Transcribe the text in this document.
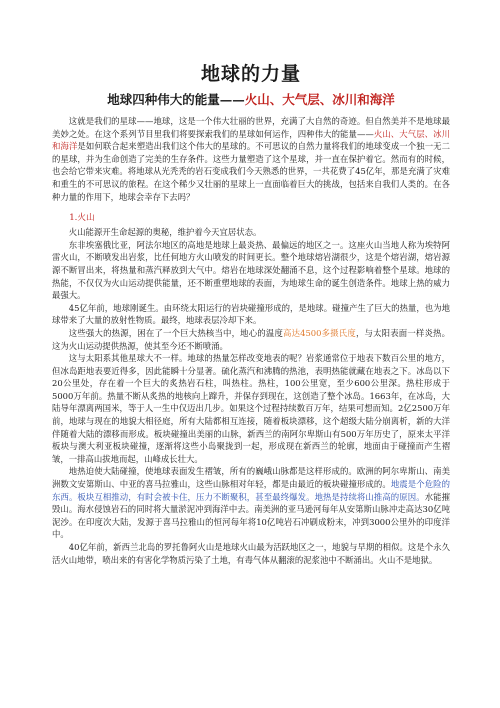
地球的力量
地球四种伟大的能量——火山、大气层、冰川和海洋

这就是我们的星球——地球，这是一个伟大壮丽的世界，充满了大自然的奇迹。但自然美并不是地球最美妙之处。在这个系列节目里我们将要探索我们的星球如何运作，四种伟大的能量——火山、大气层、冰川和海洋是如何联合起来塑造出我们这个伟大的星球的。不可思议的自然力量将我们的地球变成一个独一无二的星球，并为生命创造了完美的生存条件。这些力量塑造了这个星球，并一直在保护着它。然而有的时候，也会给它带来灾难。将地球从光秃秃的岩石变成我们今天熟悉的世界，一共花费了45亿年，那是充满了灾难和重生的不可思议的旅程。在这个稀少又壮丽的星球上一直面临着巨大的挑战，包括来自我们人类的。在各种力量的作用下，地球会幸存下去吗？

1.火山

火山能源开生命起源的奥秘，维护着今天宜居状态。

东非埃塞俄比亚，阿法尔地区的高地是地球上最炎热、最偏远的地区之一。这座火山当地人称为埃特阿雷火山，不断喷发出岩浆，比任何地方火山喷发的时间更长。整个地球熔岩湖很少，这是个熔岩湖，熔岩源源不断冒出来，将热量和蒸汽释放到大气中。熔岩在地球深处翻涌不息，这个过程影响着整个星球。地球的热能，不仅仅为火山运动提供能量，还不断重塑地球的表面，为地球生命的诞生创造条件。地球上热的威力最强大。

45亿年前，地球刚诞生。由环绕太阳运行的岩块碰撞形成的，是地球。碰撞产生了巨大的热量，也为地球带来了大量的放射性物质。最终，地球表层冷却下来。

这些强大的热源，困在了一个巨大热核当中，地心的温度高达4500多摄氏度，与太阳表面一样炎热。这为火山运动提供热源，使其至今还不断喷涌。

这与太阳系其他星球大不一样。地球的热量怎样改变地表的呢？岩浆通常位于地表下数百公里的地方，但冰岛距地表要近得多，因此能瞬十分显著。硫化蒸汽和沸腾的热池，表明热能就藏在地表之下。冰岛以下20公里处，存在着一个巨大的炙热岩石柱，叫热柱。热柱，100公里宽，至少600公里深。热柱形成于5000万年前。热量不断从炙热的地核向上蹿升，并保存到现在，这创造了整个冰岛。1663年，在冰岛，大陆导年漂离两国米，等于人一生中仅迈出几步。如果这个过程持续数百万年，结果可想而知。2亿2500万年前，地球与现在的地貌大相径庭，所有大陆都相互连接，随着板块漂移，这个超级大陆分崩离析，新的大洋伴随着大陆的漂移而形成。板块碰撞出美丽的山脉，新西兰的南阿尔卑斯山有500万年历史了，原来太平洋板块与澳大利亚板块碰撞，逐渐将这些小岛聚拢到一起，形成现在新西兰的轮廓，地面由于碰撞而产生褶皱，一排高山拔地而起，山峰成长壮大。

地热迫使大陆碰撞，使地球表面发生褶皱，所有的巍峨山脉都是这样形成的。欧洲的阿尔卑斯山、南美洲数文安第斯山、中亚的喜马拉雅山，这些山脉相对年轻，都是由最近的板块碰撞形成的。地震是个危险的东西。板块互相推动，有时会被卡住，压力不断聚积，甚至最终爆发。地热是持续将山推高的原因。水能摧毁山。海水侵蚀岩石的同时将大量淤泥冲到海洋中去。南美洲的亚马逊河每年从安第斯山脉冲走高达30亿吨泥沙。在印度次大陆，发源于喜马拉雅山的恒河每年将10亿吨岩石冲刷成粉末，冲到3000公里外的印度洋中。

40亿年前，新西兰北岛的罗托鲁阿火山是地球火山最为活跃地区之一，地貌与早期的相似。这是个永久活火山地带，喷出来的有害化学物质污染了土地，有毒气体从翻滚的泥浆池中不断涌出。火山不是地狱。
